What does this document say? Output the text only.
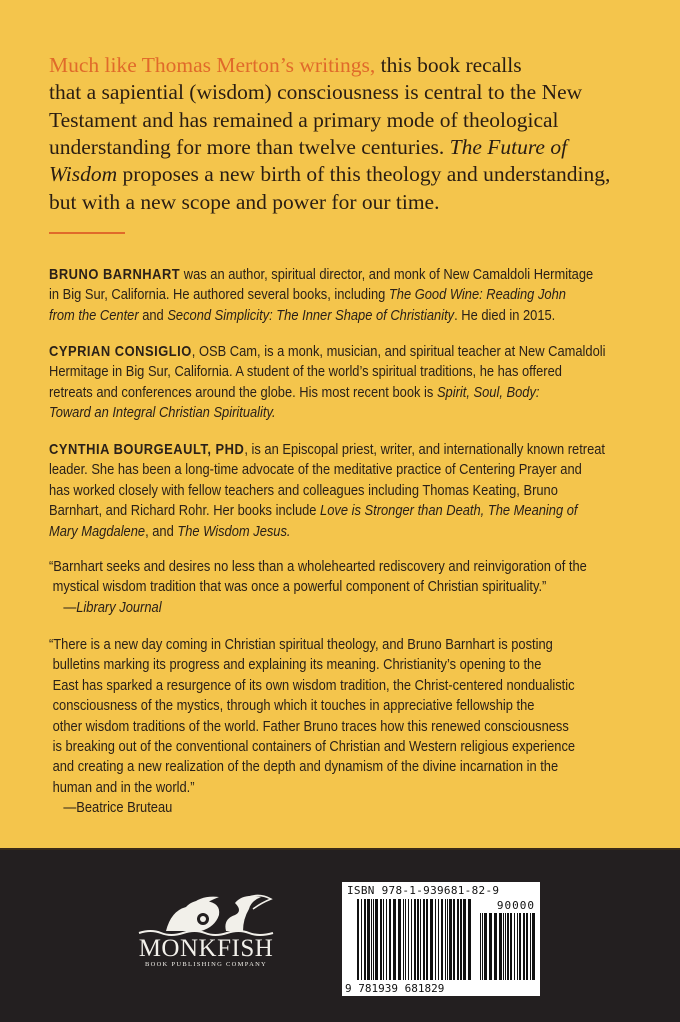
Much like Thomas Merton’s writings, this book recalls
that a sapiential (wisdom) consciousness is central to the New
Testament and has remained a primary mode of theological
understanding for more than twelve centuries. The Future of
Wisdom proposes a new birth of this theology and understanding,
but with a new scope and power for our time.
BRUNO BARNHART was an author, spiritual director, and monk of New Camaldoli Hermitage
in Big Sur, California. He authored several books, including The Good Wine: Reading John
from the Center and Second Simplicity: The Inner Shape of Christianity. He died in 2015.
CYPRIAN CONSIGLIO, OSB Cam, is a monk, musician, and spiritual teacher at New Camaldoli
Hermitage in Big Sur, California. A student of the world’s spiritual traditions, he has offered
retreats and conferences around the globe. His most recent book is Spirit, Soul, Body:
Toward an Integral Christian Spirituality.
CYNTHIA BOURGEAULT, PHD, is an Episcopal priest, writer, and internationally known retreat
leader. She has been a long-time advocate of the meditative practice of Centering Prayer and
has worked closely with fellow teachers and colleagues including Thomas Keating, Bruno
Barnhart, and Richard Rohr. Her books include Love is Stronger than Death, The Meaning of
Mary Magdalene, and The Wisdom Jesus.
“Barnhart seeks and desires no less than a wholehearted rediscovery and reinvigoration of the
mystical wisdom tradition that was once a powerful component of Christian spirituality.”
—Library Journal
“There is a new day coming in Christian spiritual theology, and Bruno Barnhart is posting
bulletins marking its progress and explaining its meaning. Christianity’s opening to the
East has sparked a resurgence of its own wisdom tradition, the Christ-centered nondualistic
consciousness of the mystics, through which it touches in appreciative fellowship the
other wisdom traditions of the world. Father Bruno traces how this renewed consciousness
is breaking out of the conventional containers of Christian and Western religious experience
and creating a new realization of the depth and dynamism of the divine incarnation in the
human and in the world.”
—Beatrice Bruteau
MONKFISH
BOOK PUBLISHING COMPANY
ISBN 978-1-939681-82-9
90000
9 781939 681829
